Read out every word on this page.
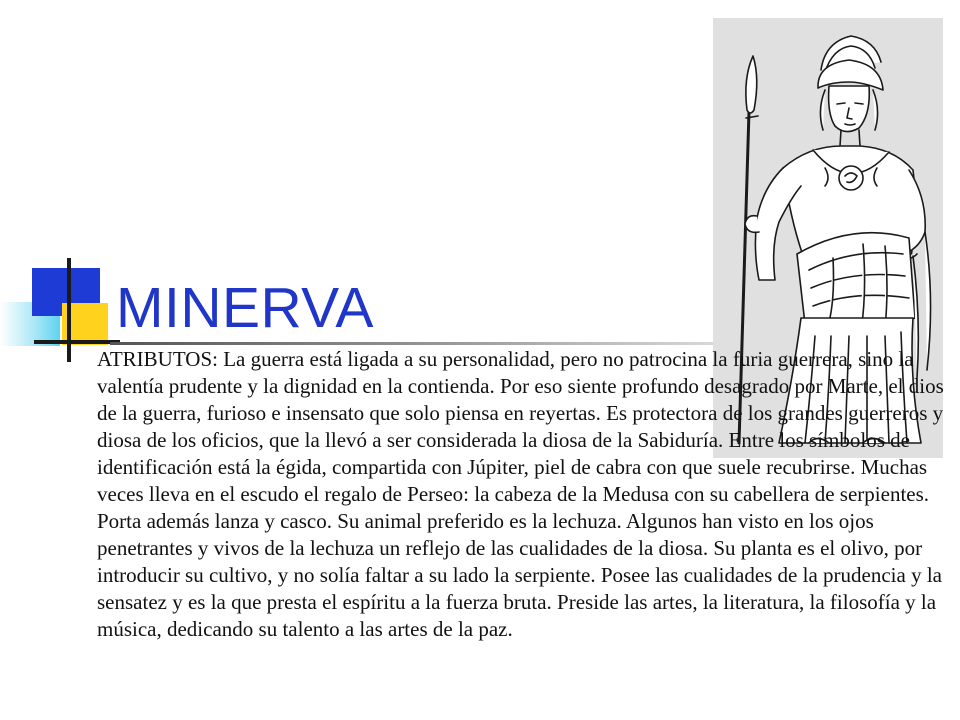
MINERVA

ATRIBUTOS: La guerra está ligada a su personalidad, pero no patrocina la furia guerrera, sino la valentía prudente y la dignidad en la contienda. Por eso siente profundo desagrado por Marte, el dios de la guerra, furioso e insensato que solo piensa en reyertas. Es protectora de los grandes guerreros y diosa de los oficios, que la llevó a ser considerada la diosa de la Sabiduría. Entre los símbolos de identificación está la égida, compartida con Júpiter, piel de cabra con que suele recubrirse. Muchas veces lleva en el escudo el regalo de Perseo: la cabeza de la Medusa con su cabellera de serpientes. Porta además lanza y casco. Su animal preferido es la lechuza. Algunos han visto en los ojos penetrantes y vivos de la lechuza un reflejo de las cualidades de la diosa. Su planta es el olivo, por introducir su cultivo, y no solía faltar a su lado la serpiente. Posee las cualidades de la prudencia y la sensatez y es la que presta el espíritu a la fuerza bruta. Preside las artes, la literatura, la filosofía y la música, dedicando su talento a las artes de la paz.
